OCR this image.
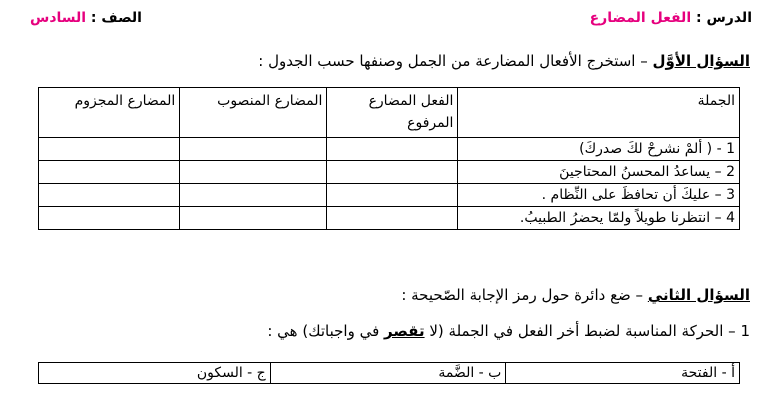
الدرس : الفعل المضارع
الصف : السادس
السؤال الأوَّل – استخرج الأفعال المضارعة من الجمل وصنفها حسب الجدول :
الجملة	الفعل المضارع المرفوع	المضارع المنصوب	المضارع المجزوم
1 - ( ألمْ نشرحْ لكَ صدركَ)			
2 – يساعدُ المحسنُ المحتاجينَ			
3 – عليكَ أن تحافظَ على النِّظام .			
4 – انتظرنا طويلاً ولمّا يحضرُ الطبيبُ.			
السؤال الثاني – ضع دائرة حول رمز الإجابة الصّحيحة :
1 – الحركة المناسبة لضبط أخر الفعل في الجملة (لا تقصر في واجباتك) هي :
أ - الفتحة	ب - الضَّمة	ج - السكون
